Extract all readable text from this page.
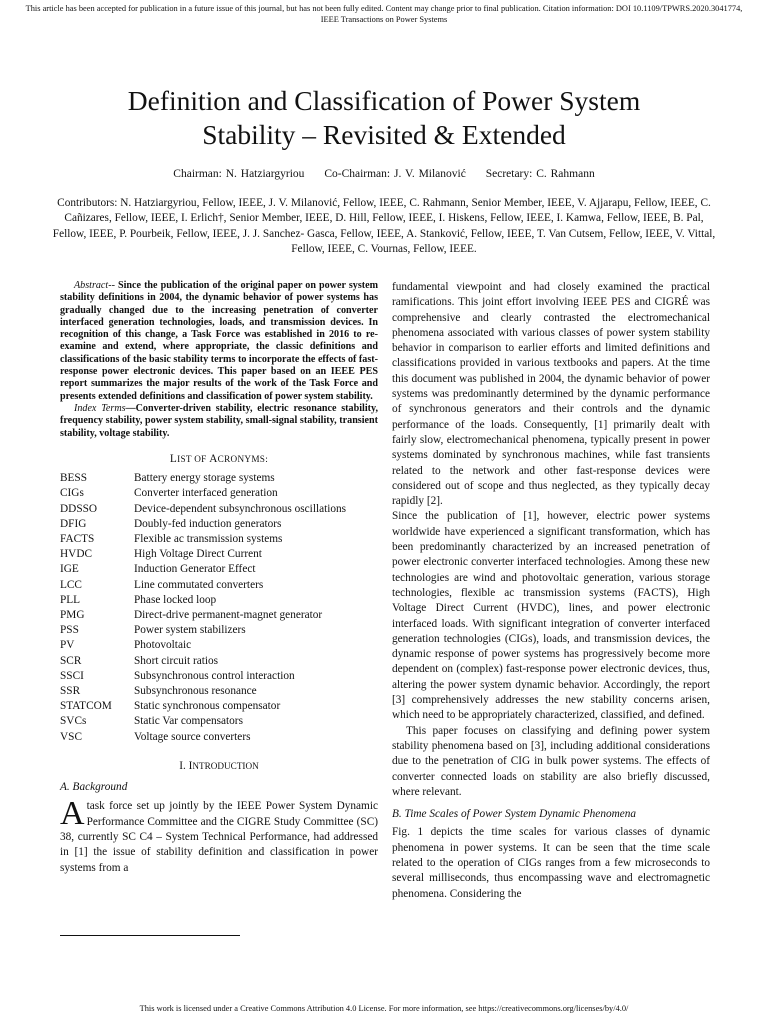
This article has been accepted for publication in a future issue of this journal, but has not been fully edited. Content may change prior to final publication. Citation information: DOI 10.1109/TPWRS.2020.3041774, IEEE Transactions on Power Systems
Definition and Classification of Power System
Stability – Revisited & Extended
Chairman: N. Hatziargyriou Co-Chairman: J. V. Milanović Secretary: C. Rahmann
Contributors: N. Hatziargyriou, Fellow, IEEE, J. V. Milanović, Fellow, IEEE, C. Rahmann, Senior Member, IEEE, V. Ajjarapu, Fellow, IEEE, C. Cañizares, Fellow, IEEE, I. Erlich†, Senior Member, IEEE, D. Hill, Fellow, IEEE, I. Hiskens, Fellow, IEEE, I. Kamwa, Fellow, IEEE, B. Pal, Fellow, IEEE, P. Pourbeik, Fellow, IEEE, J. J. Sanchez- Gasca, Fellow, IEEE, A. Stanković, Fellow, IEEE, T. Van Cutsem, Fellow, IEEE, V. Vittal, Fellow, IEEE, C. Vournas, Fellow, IEEE.

Abstract-- Since the publication of the original paper on power system stability definitions in 2004, the dynamic behavior of power systems has gradually changed due to the increasing penetration of converter interfaced generation technologies, loads, and transmission devices. In recognition of this change, a Task Force was established in 2016 to re-examine and extend, where appropriate, the classic definitions and classifications of the basic stability terms to incorporate the effects of fast-response power electronic devices. This paper based on an IEEE PES report summarizes the major results of the work of the Task Force and presents extended definitions and classification of power system stability.

Index Terms—Converter-driven stability, electric resonance stability, frequency stability, power system stability, small-signal stability, transient stability, voltage stability.

LIST OF ACRONYMS:
BESS	Battery energy storage systems
CIGs	Converter interfaced generation
DDSSO	Device-dependent subsynchronous oscillations
DFIG	Doubly-fed induction generators
FACTS	Flexible ac transmission systems
HVDC	High Voltage Direct Current
IGE	Induction Generator Effect
LCC	Line commutated converters
PLL	Phase locked loop
PMG	Direct-drive permanent-magnet generator
PSS	Power system stabilizers
PV	Photovoltaic
SCR	Short circuit ratios
SSCI	Subsynchronous control interaction
SSR	Subsynchronous resonance
STATCOM	Static synchronous compensator
SVCs	Static Var compensators
VSC	Voltage source converters
I. INTRODUCTION
A. Background

A task force set up jointly by the IEEE Power System Dynamic Performance Committee and the CIGRE Study Committee (SC) 38, currently SC C4 – System Technical Performance, had addressed in [1] the issue of stability definition and classification in power systems from a

fundamental viewpoint and had closely examined the practical ramifications. This joint effort involving IEEE PES and CIGRÉ was comprehensive and clearly contrasted the electromechanical phenomena associated with various classes of power system stability behavior in comparison to earlier efforts and limited definitions and classifications provided in various textbooks and papers. At the time this document was published in 2004, the dynamic behavior of power systems was predominantly determined by the dynamic performance of synchronous generators and their controls and the dynamic performance of the loads. Consequently, [1] primarily dealt with fairly slow, electromechanical phenomena, typically present in power systems dominated by synchronous machines, while fast transients related to the network and other fast-response devices were considered out of scope and thus neglected, as they typically decay rapidly [2].

Since the publication of [1], however, electric power systems worldwide have experienced a significant transformation, which has been predominantly characterized by an increased penetration of power electronic converter interfaced technologies. Among these new technologies are wind and photovoltaic generation, various storage technologies, flexible ac transmission systems (FACTS), High Voltage Direct Current (HVDC), lines, and power electronic interfaced loads. With significant integration of converter interfaced generation technologies (CIGs), loads, and transmission devices, the dynamic response of power systems has progressively become more dependent on (complex) fast-response power electronic devices, thus, altering the power system dynamic behavior. Accordingly, the report [3] comprehensively addresses the new stability concerns arisen, which need to be appropriately characterized, classified, and defined.

This paper focuses on classifying and defining power system stability phenomena based on [3], including additional considerations due to the penetration of CIG in bulk power systems. The effects of converter connected loads on stability are also briefly discussed, where relevant.

B. Time Scales of Power System Dynamic Phenomena

Fig. 1 depicts the time scales for various classes of dynamic phenomena in power systems. It can be seen that the time scale related to the operation of CIGs ranges from a few microseconds to several milliseconds, thus encompassing wave and electromagnetic phenomena. Considering the

This work is licensed under a Creative Commons Attribution 4.0 License. For more information, see https://creativecommons.org/licenses/by/4.0/
